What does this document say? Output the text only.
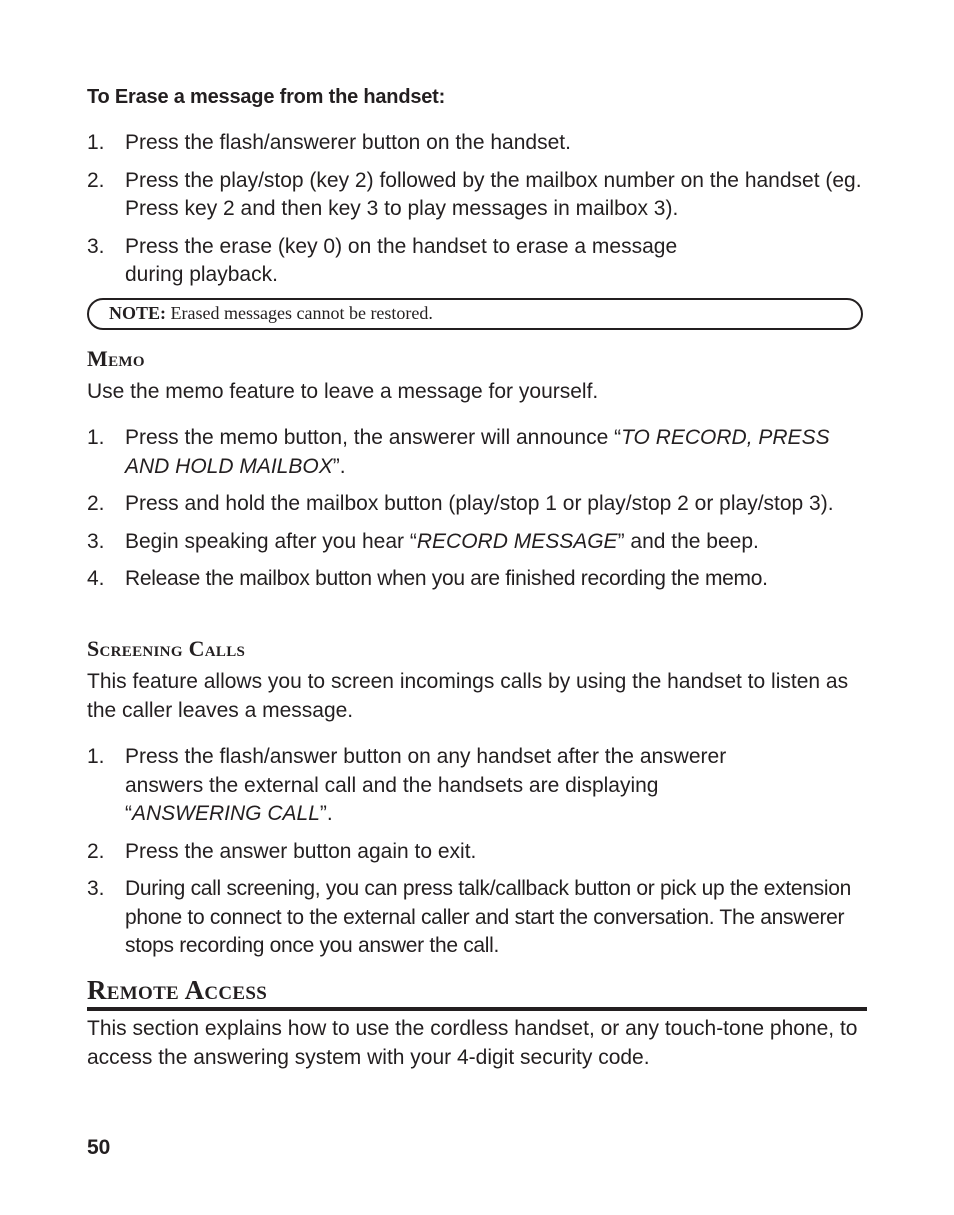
To Erase a message from the handset:
1. Press the flash/answerer button on the handset.
2. Press the play/stop (key 2) followed by the mailbox number on the handset (eg. Press key 2 and then key 3 to play messages in mailbox 3).
3. Press the erase (key 0) on the handset to erase a message
during playback.
NOTE: Erased messages cannot be restored.
Memo
Use the memo feature to leave a message for yourself.
1. Press the memo button, the answerer will announce “TO RECORD, PRESS AND HOLD MAILBOX”.
2. Press and hold the mailbox button (play/stop 1 or play/stop 2 or play/stop 3).
3. Begin speaking after you hear “RECORD MESSAGE” and the beep.
4. Release the mailbox button when you are finished recording the memo.
Screening Calls
This feature allows you to screen incomings calls by using the handset to listen as the caller leaves a message.
1. Press the flash/answer button on any handset after the answerer
answers the external call and the handsets are displaying
“ANSWERING CALL”.
2. Press the answer button again to exit.
3. During call screening, you can press talk/callback button or pick up the extension phone to connect to the external caller and start the conversation. The answerer stops recording once you answer the call.
Remote Access
This section explains how to use the cordless handset, or any touch-tone phone, to access the answering system with your 4-digit security code.
50
